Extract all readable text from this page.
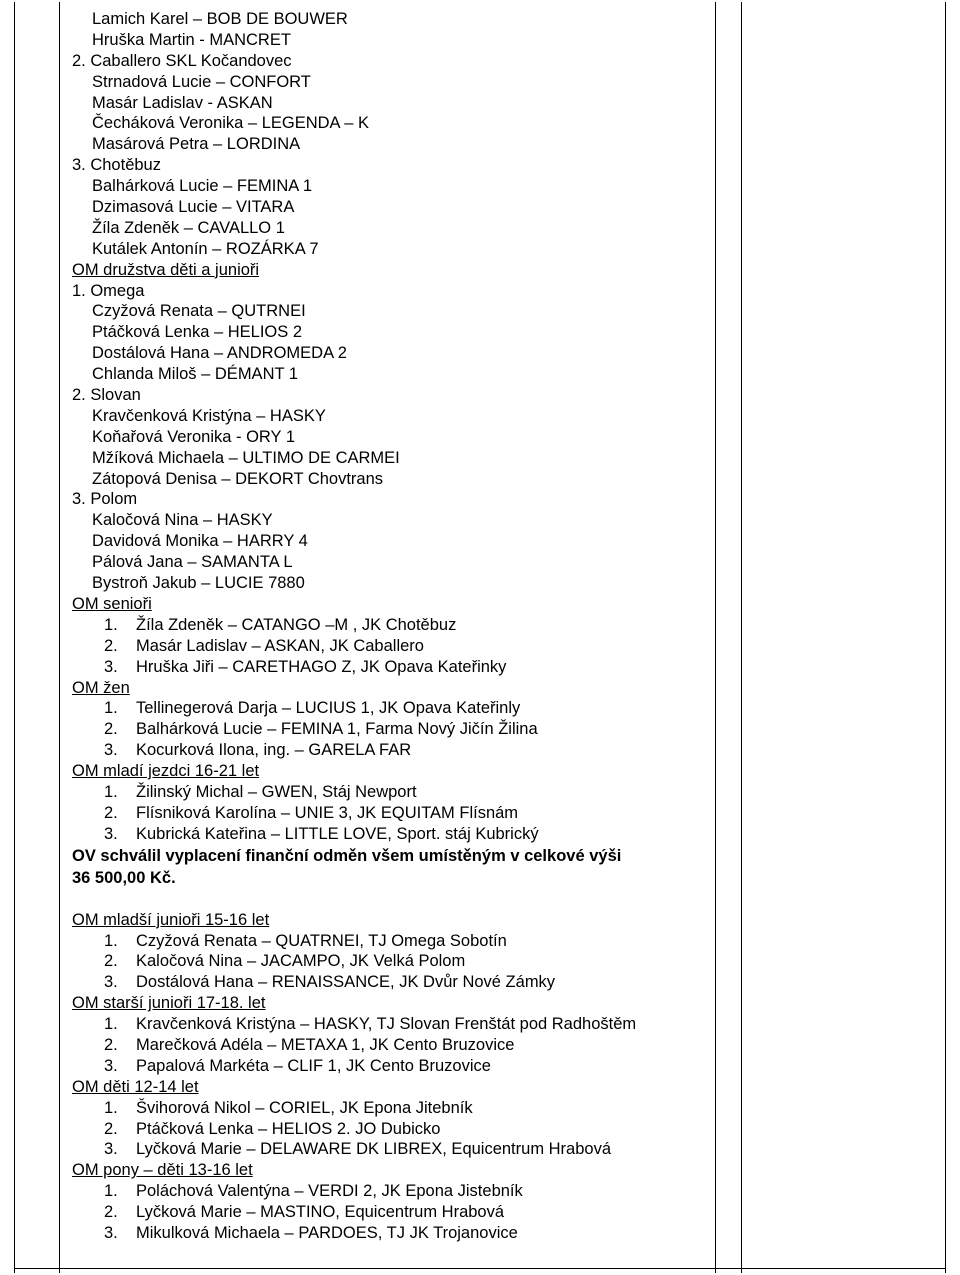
Lamich Karel – BOB DE BOUWER
Hruška Martin - MANCRET
2. Caballero SKL Kočandovec
Strnadová Lucie – CONFORT
Masár Ladislav - ASKAN
Čecháková Veronika – LEGENDA – K
Masárová Petra – LORDINA
3. Chotěbuz
Balhárková Lucie – FEMINA 1
Dzimasová Lucie – VITARA
Žíla Zdeněk – CAVALLO 1
Kutálek Antonín – ROZÁRKA 7
OM družstva děti a junioři
1. Omega
Czyžová Renata – QUTRNEI
Ptáčková Lenka – HELIOS 2
Dostálová Hana – ANDROMEDA 2
Chlanda Miloš – DÉMANT 1
2. Slovan
Kravčenková Kristýna – HASKY
Koňařová Veronika - ORY 1
Mžíková Michaela – ULTIMO DE CARMEI
Zátopová Denisa – DEKORT Chovtrans
3. Polom
Kaločová Nina – HASKY
Davidová Monika – HARRY 4
Pálová Jana – SAMANTA L
Bystroň Jakub – LUCIE 7880
OM senioři
1. Žíla Zdeněk – CATANGO –M , JK Chotěbuz
2. Masár Ladislav – ASKAN, JK Caballero
3. Hruška Jiři – CARETHAGO Z, JK Opava Kateřinky
OM žen
1. Tellinegerová Darja – LUCIUS 1, JK Opava Kateřinly
2. Balhárková Lucie – FEMINA 1, Farma Nový Jičín Žilina
3. Kocurková Ilona, ing. – GARELA FAR
OM mladí jezdci 16-21 let
1. Žilinský Michal – GWEN, Stáj Newport
2. Flísniková Karolína – UNIE 3, JK EQUITAM Flísnám
3. Kubrická Kateřina – LITTLE LOVE, Sport. stáj Kubrický
OV schválil vyplacení finanční odměn všem umístěným v celkové výši
36 500,00 Kč.
OM mladší junioři 15-16 let
1. Czyžová Renata – QUATRNEI, TJ Omega Sobotín
2. Kaločová Nina – JACAMPO, JK Velká Polom
3. Dostálová Hana – RENAISSANCE, JK Dvůr Nové Zámky
OM starší junioři 17-18. let
1. Kravčenková Kristýna – HASKY, TJ Slovan Frenštát pod Radhoštěm
2. Marečková Adéla – METAXA 1, JK Cento Bruzovice
3. Papalová Markéta – CLIF 1, JK Cento Bruzovice
OM děti 12-14 let
1. Švihorová Nikol – CORIEL, JK Epona Jitebník
2. Ptáčková Lenka – HELIOS 2. JO Dubicko
3. Lyčková Marie – DELAWARE DK LIBREX, Equicentrum Hrabová
OM pony – děti 13-16 let
1. Poláchová Valentýna – VERDI 2, JK Epona Jistebník
2. Lyčková Marie – MASTINO, Equicentrum Hrabová
3. Mikulková Michaela – PARDOES, TJ JK Trojanovice
